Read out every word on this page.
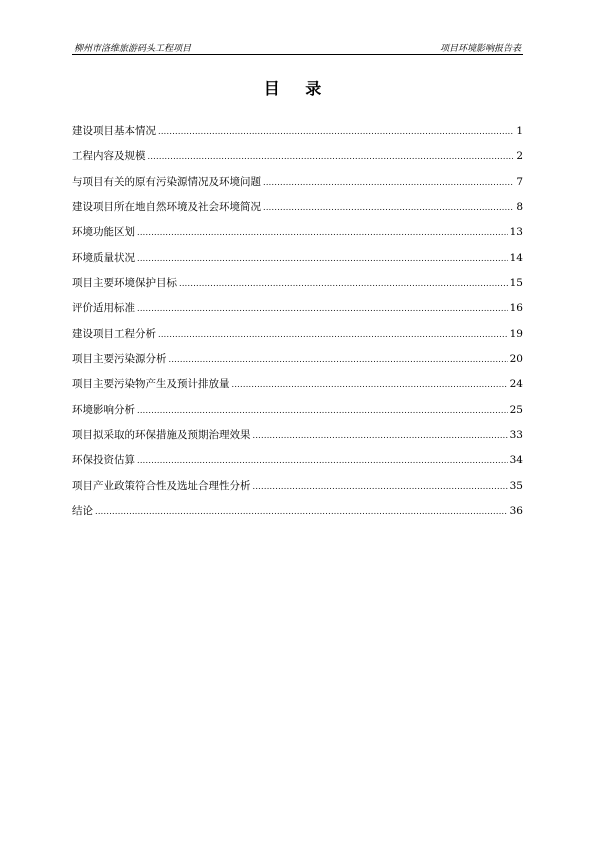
柳州市洛维旅游码头工程项目	项目环境影响报告表
目 录
建设项目基本情况 .....	1
工程内容及规模 .....	2
与项目有关的原有污染源情况及环境问题 .....	7
建设项目所在地自然环境及社会环境简况 .....	8
环境功能区划 .....	13
环境质量状况 .....	14
项目主要环境保护目标 .....	15
评价适用标准 .....	16
建设项目工程分析 .....	19
项目主要污染源分析 .....	20
项目主要污染物产生及预计排放量 .....	24
环境影响分析 .....	25
项目拟采取的环保措施及预期治理效果 .....	33
环保投资估算 .....	34
项目产业政策符合性及选址合理性分析 .....	35
结论 .....	36
